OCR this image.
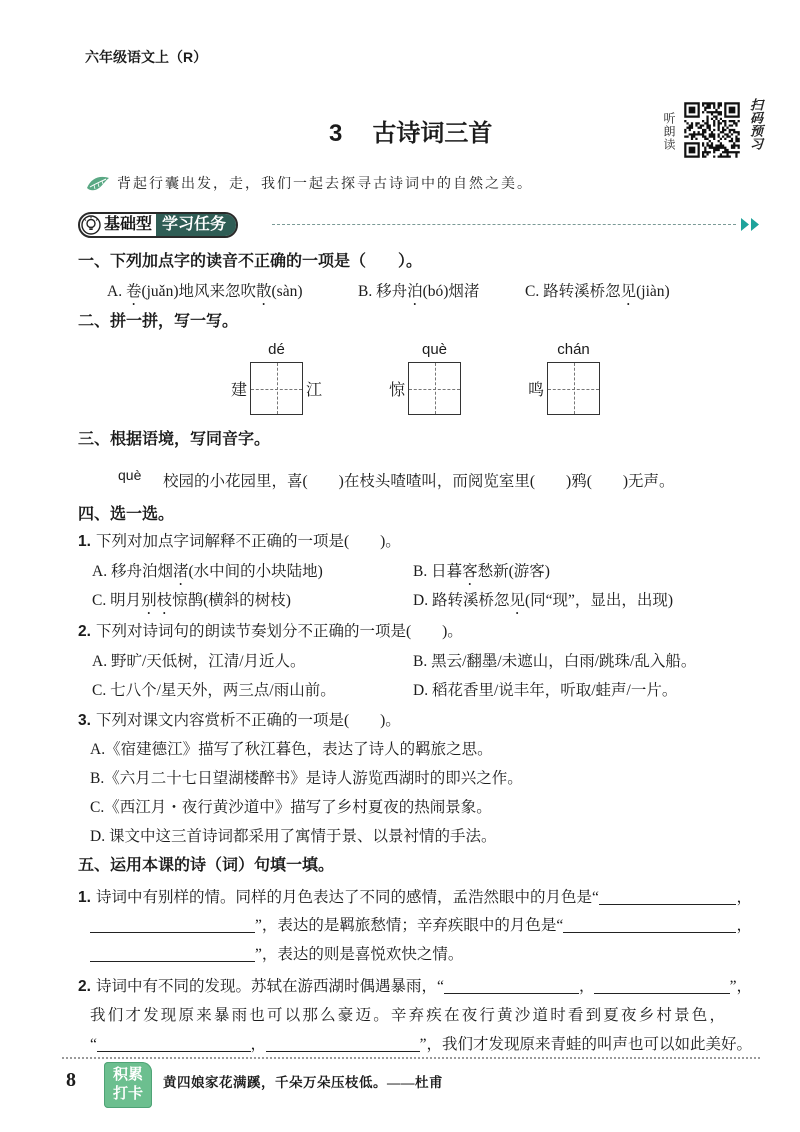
六年级语文上（R）
3 古诗词三首	听朗读	扫码预习
背起行囊出发，走，我们一起去探寻古诗词中的自然之美。
基础型 学习任务
一、下列加点字的读音不正确的一项是（　　）。
A. 卷(juǎn)地风来忽吹散(sàn)	B. 移舟泊(bó)烟渚	C. 路转溪桥忽见(jiàn)
二、拼一拼，写一写。
dé
建	江
què
惊
chán
鸣
三、根据语境，写同音字。
què 校园的小花园里，喜(　　)在枝头喳喳叫，而阅览室里(　　)鸦(　　)无声。
四、选一选。
1. 下列对加点字词解释不正确的一项是(　　)。
A. 移舟泊烟渚(水中间的小块陆地)	B. 日暮客愁新(游客)
C. 明月别枝惊鹊(横斜的树枝)	D. 路转溪桥忽见(同“现”，显出，出现)
2. 下列对诗词句的朗读节奏划分不正确的一项是(　　)。
A. 野旷/天低树，江清/月近人。	B. 黑云/翻墨/未遮山，白雨/跳珠/乱入船。
C. 七八个/星天外，两三点/雨山前。	D. 稻花香里/说丰年，听取/蛙声/一片。
3. 下列对课文内容赏析不正确的一项是(　　)。
A.《宿建德江》描写了秋江暮色，表达了诗人的羁旅之思。
B.《六月二十七日望湖楼醉书》是诗人游览西湖时的即兴之作。
C.《西江月・夜行黄沙道中》描写了乡村夏夜的热闹景象。
D. 课文中这三首诗词都采用了寓情于景、以景衬情的手法。
五、运用本课的诗（词）句填一填。
1. 诗词中有别样的情。同样的月色表达了不同的感情，孟浩然眼中的月色是“	，
”，表达的是羁旅愁情；辛弃疾眼中的月色是“	，
”，表达的则是喜悦欢快之情。
2. 诗词中有不同的发现。苏轼在游西湖时偶遇暴雨，“	，	”，
我们才发现原来暴雨也可以那么豪迈。辛弃疾在夜行黄沙道时看到夏夜乡村景色，
“	，	”，我们才发现原来青蛙的叫声也可以如此美好。
8	积累
打卡
黄四娘家花满蹊，千朵万朵压枝低。——杜甫
